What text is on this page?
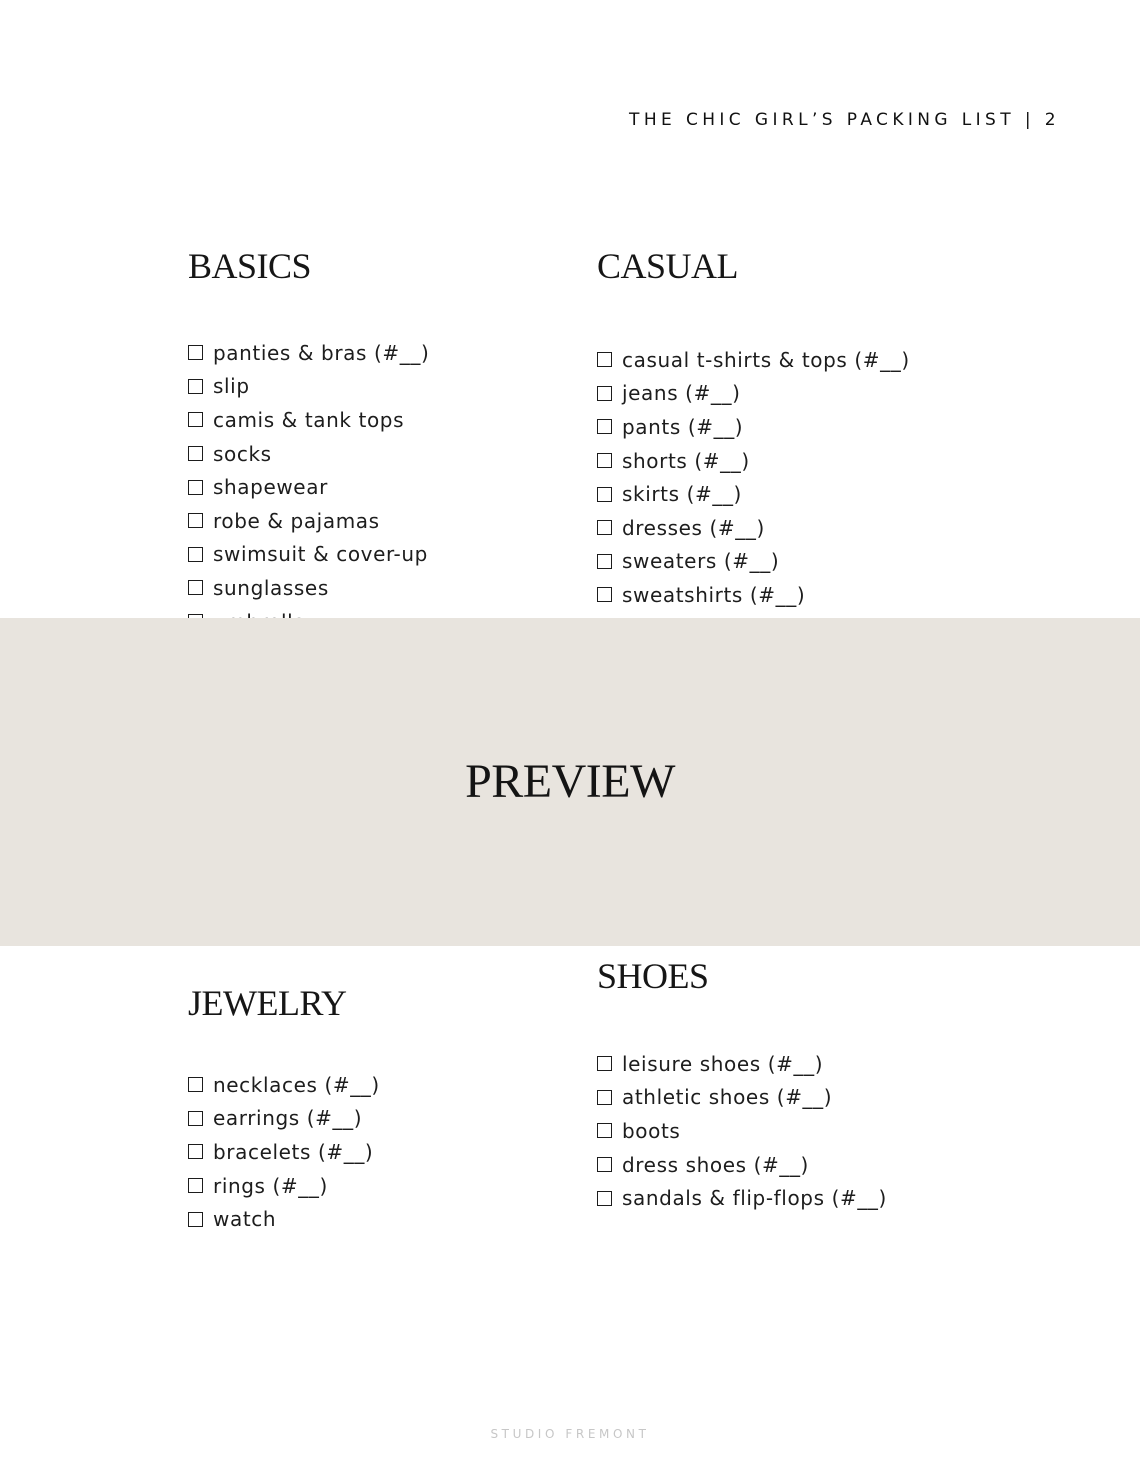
THE CHIC GIRL’S PACKING LIST | 2
BASICS
panties & bras (#__)
slip
camis & tank tops
socks
shapewear
robe & pajamas
swimsuit & cover-up
sunglasses
CASUAL
casual t-shirts & tops (#__)
jeans (#__)
pants (#__)
shorts (#__)
skirts (#__)
dresses (#__)
sweaters (#__)
sweatshirts (#__)
PREVIEW
JEWELRY
necklaces (#__)
earrings (#__)
bracelets (#__)
rings (#__)
watch
SHOES
leisure shoes (#__)
athletic shoes (#__)
boots
dress shoes (#__)
sandals & flip-flops (#__)
STUDIO FREMONT
